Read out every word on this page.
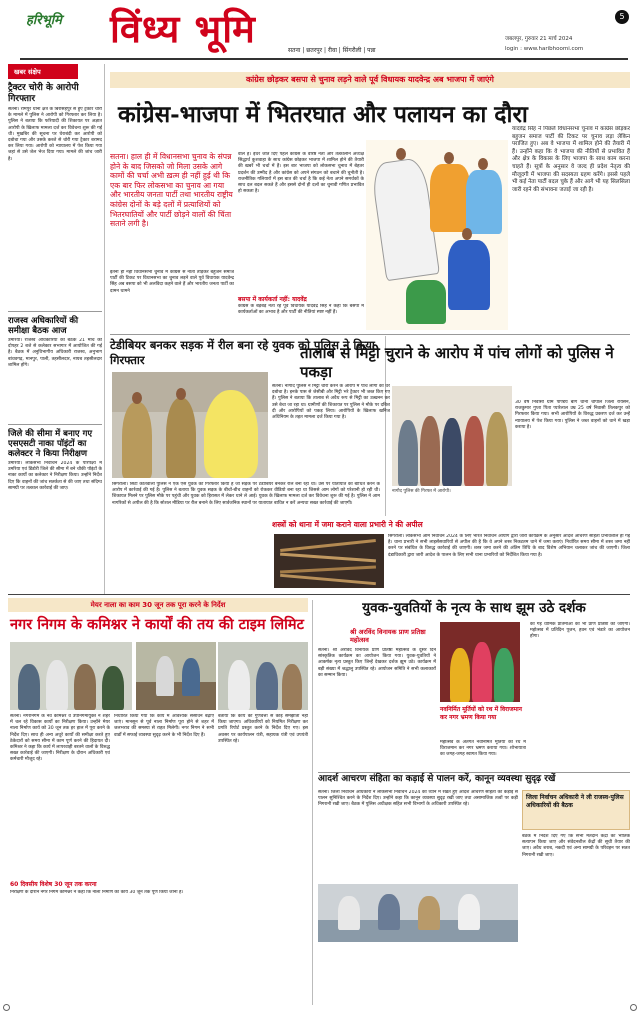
हरिभूमि विंध्य भूमि	5
जबलपुर, गुरुवार 21 मार्च 2024
सतना | छतरपुर | रीवा | सिंगरौली | पन्ना	login : www.haribhoomi.com
खबर संक्षेप
ट्रैक्टर चोरी के आरोपी गिरफ्तार
सतना। रामपुर थाना क्षेत्र के बिरसिंहपुर से हुए ट्रैक्टर चोरी के मामले में पुलिस ने आरोपी को गिरफ्तार कर लिया है। पुलिस ने बताया कि फरियादी की शिकायत पर अज्ञात आरोपी के खिलाफ मामला दर्ज कर विवेचना शुरू की गई थी। मुखबिर की सूचना पर घेराबंदी कर आरोपी को दबोचा गया और उसके कब्जे से चोरी गया ट्रैक्टर बरामद कर लिया गया। आरोपी को न्यायालय में पेश किया गया जहां से उसे जेल भेज दिया गया। मामले की जांच जारी है।
राजस्व अधिकारियों की समीक्षा बैठक आज
उमरिया। राजस्व अधिकारियों की बैठक 21 मार्च को दोपहर 2 बजे से कलेक्टर सभागार में आयोजित की गई है। बैठक में अनुविभागीय अधिकारी राजस्व, अनुभाग बांधवगढ़, मानपुर, पाली, तहसीलदार, नायब तहसीलदार शामिल होंगे।
जिले की सीमा में बनाए गए एसएसटी नाका पॉइंटों का कलेक्टर ने किया निरीक्षण
उमरिया। लोकसभा निर्वाचन 2024 के परिपेक्ष्य में उमरिया एवं डिंडोरी जिले की सीमा में बने चौकी पॉइंटों के नाका कार्यों का कलेक्टर ने निरीक्षण किया। उन्होंने निर्देश दिए कि वाहनों की जांच सतर्कता से की जाए तथा संदिग्ध सामग्री पर तत्काल कार्रवाई की जाए।
कांग्रेस छोड़कर बसपा से चुनाव लड़ने वाले पूर्व विधायक यादवेन्द्र अब भाजपा में जाएंगे
कांग्रेस-भाजपा में भितरघात और पलायन का दौरा
सतना। हाल ही में विधानसभा चुनाव के संपन्न होने के बाद जिसको जो मिला उसके आगे कामों की चर्चा अभी ख़त्म ही नहीं हुई थी कि एक बार फिर लोकसभा का चुनाव आ गया और भारतीय जनता पार्टी तथा भारतीय राष्ट्रीय कांग्रेस दोनों के बड़े दलों में प्रत्याशियों को भितरघातियों और पार्टी छोड़ने वालों की चिंता सताने लगी है।
इतना ही नहीं विधानसभा चुनाव में कांग्रेस से नाता तोड़कर बहुजन समाज पार्टी की टिकट पर विधानसभा का चुनाव लड़ने वाले पूर्व विधायक यादवेन्द्र सिंह अब बसपा को भी अलविदा कहने वाले हैं और भारतीय जनता पार्टी का दामन थामने
वाले हैं। इधर जीत दिए पहले कांग्रेस के वरिष्ठ नेता और तत्कालीन अध्यक्ष सिद्धार्थ कुशवाहा के साथ कांग्रेस छोड़कर भाजपा में शामिल होने की तैयारी की खबरें भी चर्चा में हैं। इस बार भाजपा को लोकसभा चुनाव में बेहतर प्रदर्शन की उम्मीद है और कांग्रेस को अपने संगठन को बचाने की चुनौती है। राजनीतिक गलियारों में इस बात की चर्चा है कि कई नेता अपने समर्थकों के साथ दल बदल सकते हैं और इससे दोनों ही दलों का चुनावी गणित प्रभावित हो सकता है।
बसपा में कार्यकर्ता नहीं: यादवेंद्र
कांग्रेस के बड़बड़ नेता रहे पूर्व विधायक यादवेंद्र सिंह ने कहा कि बसपा में कार्यकर्ताओं का अभाव है और पार्टी की नीतियां स्पष्ट नहीं हैं।
यादवेंद्र सिंह ने पिछले विधानसभा चुनाव में कांग्रेस छोड़कर बहुजन समाज पार्टी की टिकट पर चुनाव लड़ा लेकिन पराजित हुए। अब वे भाजपा में शामिल होने की तैयारी में हैं। उन्होंने कहा कि वे भाजपा की नीतियों से प्रभावित हैं और क्षेत्र के विकास के लिए भाजपा के साथ काम करना चाहते हैं। सूत्रों के अनुसार वे जल्द ही प्रदेश नेतृत्व की मौजूदगी में भाजपा की सदस्यता ग्रहण करेंगे। इससे पहले भी कई नेता पार्टी बदल चुके हैं और आगे भी यह सिलसिला जारी रहने की संभावना जताई जा रही है।
टेडीबियर बनकर सड़क में रील बना रहे युवक को पुलिस ने किया गिरफ्तार
सिंगरौली। सिटी कोतवाली पुलिस ने एक ऐसे युवक को गिरफ्तार किया है जो सड़क पर टेडीबियर बनकर रील बना रहा था। उस पर यातायात को बाधित करने के आरोप में कार्रवाई की गई है। पुलिस ने बताया कि युवक सड़क के बीचों-बीच वाहनों को रोककर वीडियो बना रहा था जिससे आम लोगों को परेशानी हो रही थी। शिकायत मिलने पर पुलिस मौके पर पहुंची और युवक को हिरासत में लेकर थाने ले आई। युवक के खिलाफ मामला दर्ज कर विवेचना शुरू की गई है। पुलिस ने आम नागरिकों से अपील की है कि सोशल मीडिया पर रील बनाने के लिए सार्वजनिक स्थानों पर यातायात बाधित न करें अन्यथा सख्त कार्रवाई की जाएगी।
तालाब से मिट्टी चुराने के आरोप में पांच लोगों को पुलिस ने पकड़ा
सतना। नागौद पुलिस ने मिट्टी चोरी करने के आरोप में पांच लोगों को धर दबोचा है। इनके पास से जेसीबी और मिट्टी भरे ट्रैक्टर भी जब्त किए गए हैं। पुलिस ने बताया कि तालाब से अवैध रूप से मिट्टी का उत्खनन कर उसे बेचा जा रहा था। ग्रामीणों की शिकायत पर पुलिस ने मौके पर दबिश दी और आरोपियों को पकड़ लिया। आरोपियों के खिलाफ खनिज अधिनियम के तहत मामला दर्ज किया गया है।
नागौद पुलिस की गिरफ्त में आरोपी।
30 वर्ष निवासी ग्राम पाण्डेय बाग थाना चौपाल जिला रायसेन, राजकुमार गुप्ता पिता प्यारेलाल उम्र 25 वर्ष निवासी तिलकपुर को गिरफ्तार किया गया। सभी आरोपियों के विरुद्ध प्रकरण दर्ज कर उन्हें न्यायालय में पेश किया गया। पुलिस ने जब्त वाहनों को थाने में खड़ा कराया है।
शस्त्रों को थाना में जमा कराने वाला प्रभारी ने की अपील
सिंगरौली। लोकसभा आम निर्वाचन 2024 के लिए भारत निर्वाचन आयोग द्वारा जारी कार्यक्रम के अनुसार आदर्श आचरण संहिता प्रभावशील हो गई है। थाना प्रभारी ने सभी लाइसेंसधारियों से अपील की है कि वे अपने शस्त्र निकटतम थाने में जमा कराएं। निर्धारित समय सीमा में शस्त्र जमा नहीं करने पर संबंधित के विरुद्ध कार्रवाई की जाएगी। शस्त्र जमा करने की अंतिम तिथि के बाद विशेष अभियान चलाकर जांच की जाएगी। जिला दंडाधिकारी द्वारा जारी आदेश के पालन के लिए सभी थाना प्रभारियों को निर्देशित किया गया है।
मेयर नाला का काम 30 जून तक पूरा करने के निर्देश
नगर निगम के कमिश्नर ने कार्यों की तय की टाइम लिमिट
सतना। नगरनिगम के नव कमिश्नर व उपनिगमायुक्त ने शहर में चल रहे विकास कार्यों का निरीक्षण किया। उन्होंने मेयर नाला निर्माण कार्य को 30 जून तक हर हाल में पूरा करने के निर्देश दिए। साथ ही अन्य अधूरे कार्यों की समीक्षा करते हुए ठेकेदारों को समय सीमा में काम पूर्ण करने की हिदायत दी। कमिश्नर ने कहा कि कार्य में लापरवाही बरतने वालों के विरुद्ध सख्त कार्रवाई की जाएगी। निरीक्षण के दौरान अधिकारी एवं कर्मचारी मौजूद रहे।
निर्धारित किया गया कि कार्य में आवश्यक संसाधन बढ़ाए जाएं। मानसून से पूर्व नाला निर्माण पूरा होने से शहर में जलभराव की समस्या से राहत मिलेगी। नगर निगम ने सभी वार्डों में सफाई व्यवस्था सुदृढ़ करने के भी निर्देश दिए हैं।
बताया कि कार्य की गुणवत्ता से कोई समझौता नहीं किया जाएगा। अधिकारियों को नियमित निरीक्षण कर प्रगति रिपोर्ट प्रस्तुत करने के निर्देश दिए गए। इस अवसर पर कार्यपालन यंत्री, सहायक यंत्री एवं उपयंत्री उपस्थित रहे।
60 दिवसीय विशेष 30 जून तक करना
निरीक्षण के दौरान नगर निगम कमिश्नर ने कहा कि नाला निर्माण का कार्य 30 जून तक पूर्ण किया जाना है।
युवक-युवतियों के नृत्य के साथ झूम उठे दर्शक
श्री अरविंद विनायक प्राण प्रतिष्ठा महोत्सव
सतना। श्री अरविंद विनायक प्राण प्रतिष्ठा महोत्सव के दूसरे दिन सांस्कृतिक कार्यक्रम का आयोजन किया गया। युवक-युवतियों ने आकर्षक नृत्य प्रस्तुत किए जिन्हें देखकर दर्शक झूम उठे। कार्यक्रम में बड़ी संख्या में श्रद्धालु उपस्थित रहे। आयोजन समिति ने सभी कलाकारों का सम्मान किया।
नवनिर्मित मूर्तियों को रथ में विराजमान कर नगर भ्रमण किया गया
महोत्सव के अंतर्गत नवनिर्मित मूर्तियों को रथ में विराजमान कर नगर भ्रमण कराया गया। शोभायात्रा का जगह-जगह स्वागत किया गया।
की गई धार्मिक प्रतिमाओं की भी प्राण प्रतिष्ठा की जाएगी। महोत्सव में प्रतिदिन पूजन, हवन एवं भंडारे का आयोजन होगा।
आदर्श आचरण संहिता का कड़ाई से पालन करें, कानून व्यवस्था सुदृढ़ रखें
सतना। जिला निर्वाचन अधिकारी ने लोकसभा निर्वाचन 2024 को ध्यान में रखते हुए आदर्श आचरण संहिता का कड़ाई से पालन सुनिश्चित करने के निर्देश दिए। उन्होंने कहा कि कानून व्यवस्था सुदृढ़ रखी जाए तथा असामाजिक तत्वों पर कड़ी निगरानी रखी जाए। बैठक में पुलिस अधीक्षक सहित सभी विभागों के अधिकारी उपस्थित रहे।
जिला निर्वाचन अधिकारी ने ली राजस्व-पुलिस अधिकारियों की बैठक
बैठक में निर्देश दिए गए कि सभी मतदान केंद्रों का भौतिक सत्यापन किया जाए और संवेदनशील केंद्रों की सूची तैयार की जाए। अवैध शराब, नकदी एवं अन्य सामग्री के परिवहन पर सतत निगरानी रखी जाए।
